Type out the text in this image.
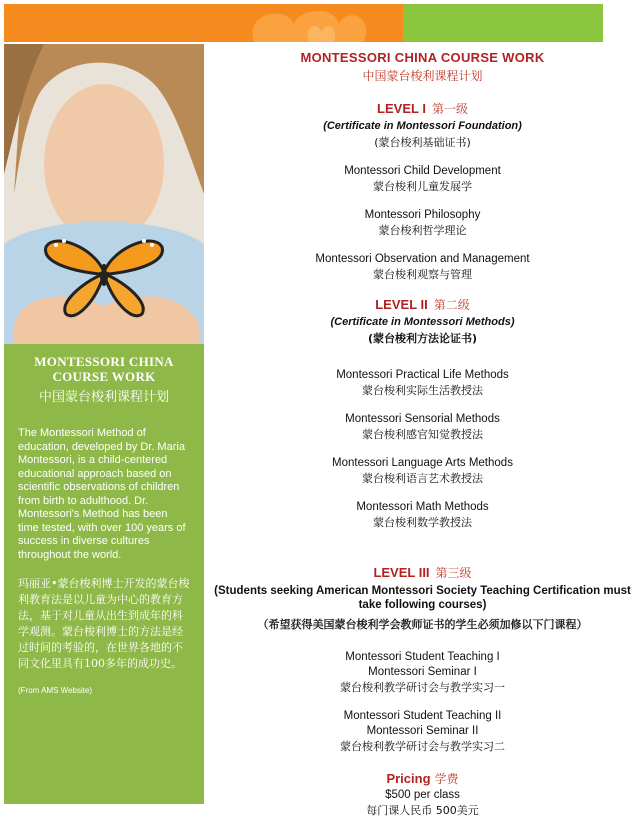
MONTESSORI CHINA COURSE WORK
中国蒙台梭利课程计划
The Montessori Method of education, developed by Dr. Maria Montessori, is a child-centered educational approach based on scientific observations of children from birth to adulthood. Dr. Montessori's Method has been time tested, with over 100 years of success in diverse cultures throughout the world.
玛丽亚•蒙台梭利博士开发的蒙台梭利教育法是以儿童为中心的教育方法，基于对儿童从出生到成年的科学观测。蒙台梭利博士的方法是经过时间的考验的，在世界各地的不同文化里具有100多年的成功史。
(From AMS Website)
MONTESSORI CHINA COURSE WORK
中国蒙台梭利课程计划
LEVEL I 第一级
(Certificate in Montessori Foundation)
(蒙台梭利基础证书)
Montessori Child Development
蒙台梭利儿童发展学
Montessori Philosophy
蒙台梭利哲学理论
Montessori Observation and Management
蒙台梭利观察与管理
LEVEL II 第二级
(Certificate in Montessori Methods)
(蒙台梭利方法论证书)
Montessori Practical Life Methods
蒙台梭利实际生活教授法
Montessori Sensorial Methods
蒙台梭利感官知觉教授法
Montessori Language Arts Methods
蒙台梭利语言艺术教授法
Montessori Math Methods
蒙台梭利数学教授法
LEVEL III 第三级
(Students seeking American Montessori Society Teaching Certification must take following courses)
（希望获得美国蒙台梭利学会教师证书的学生必须加修以下门课程）
Montessori Student Teaching I
Montessori Seminar I
蒙台梭利教学研讨会与教学实习一
Montessori Student Teaching II
Montessori Seminar II
蒙台梭利教学研讨会与教学实习二
Pricing 学费
$500 per class
每门课人民币 500美元
